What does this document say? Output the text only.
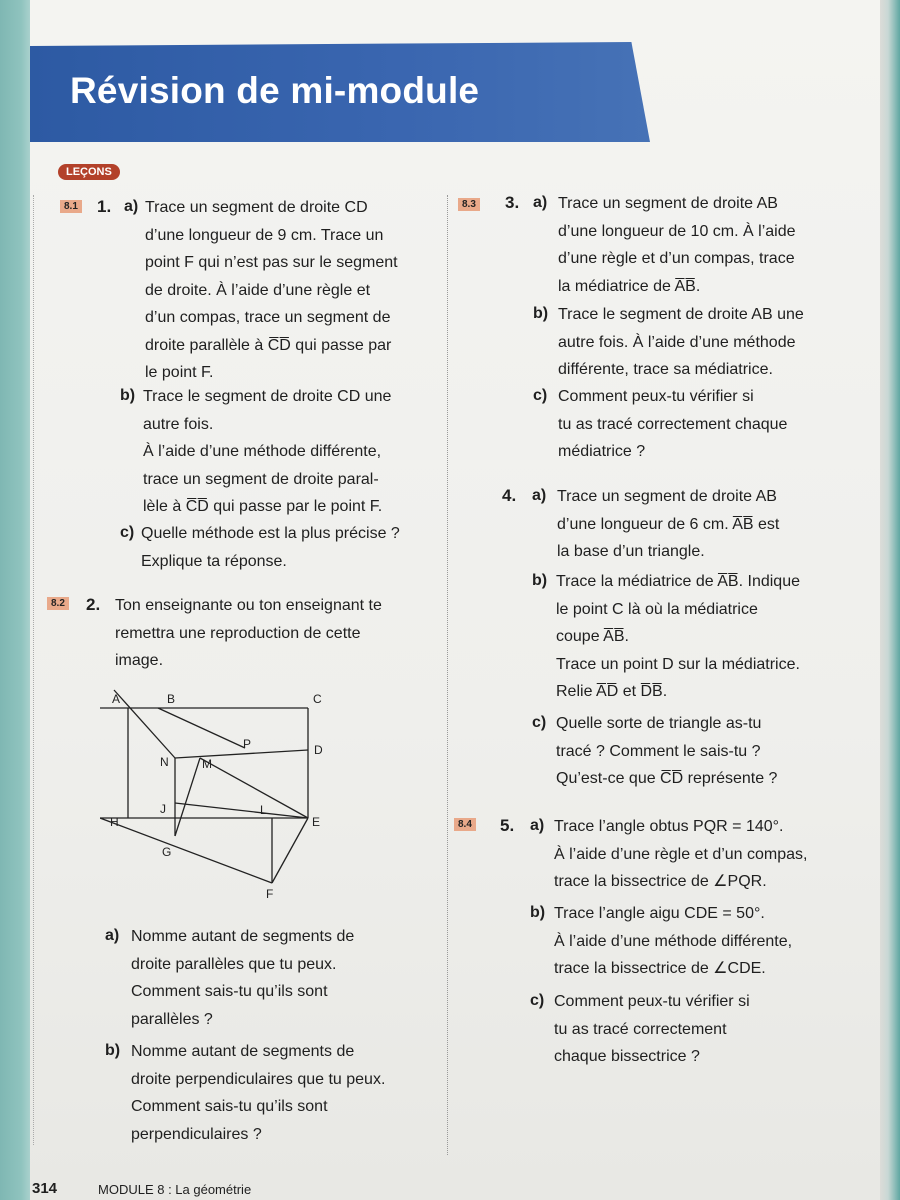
Révision de mi-module
LEÇONS
8.1 1. a) Trace un segment de droite CD
d’une longueur de 9 cm. Trace un
point F qui n’est pas sur le segment
de droite. À l’aide d’une règle et
d’un compas, trace un segment de
droite parallèle à C̅D̅ qui passe par
le point F.
b) Trace le segment de droite CD une
autre fois.
À l’aide d’une méthode différente,
trace un segment de droite paral-
lèle à C̅D̅ qui passe par le point F.
c) Quelle méthode est la plus précise ?
Explique ta réponse.
8.2 2. Ton enseignante ou ton enseignant te
remettra une reproduction de cette
image.
A	B	C
D
E
F
G
H
J	L
M
N
P
a) Nomme autant de segments de
droite parallèles que tu peux.
Comment sais-tu qu’ils sont
parallèles ?
b) Nomme autant de segments de
droite perpendiculaires que tu peux.
Comment sais-tu qu’ils sont
perpendiculaires ?
8.3 3. a) Trace un segment de droite AB
d’une longueur de 10 cm. À l’aide
d’une règle et d’un compas, trace
la médiatrice de A̅B̅.
b) Trace le segment de droite AB une
autre fois. À l’aide d’une méthode
différente, trace sa médiatrice.
c) Comment peux-tu vérifier si
tu as tracé correctement chaque
médiatrice ?
4. a) Trace un segment de droite AB
d’une longueur de 6 cm. A̅B̅ est
la base d’un triangle.
b) Trace la médiatrice de A̅B̅. Indique
le point C là où la médiatrice
coupe A̅B̅.
Trace un point D sur la médiatrice.
Relie A̅D̅ et D̅B̅.
c) Quelle sorte de triangle as-tu
tracé ? Comment le sais-tu ?
Qu’est-ce que C̅D̅ représente ?
8.4 5. a) Trace l’angle obtus PQR = 140°.
À l’aide d’une règle et d’un compas,
trace la bissectrice de ∠PQR.
b) Trace l’angle aigu CDE = 50°.
À l’aide d’une méthode différente,
trace la bissectrice de ∠CDE.
c) Comment peux-tu vérifier si
tu as tracé correctement
chaque bissectrice ?
314	MODULE 8 : La géométrie
